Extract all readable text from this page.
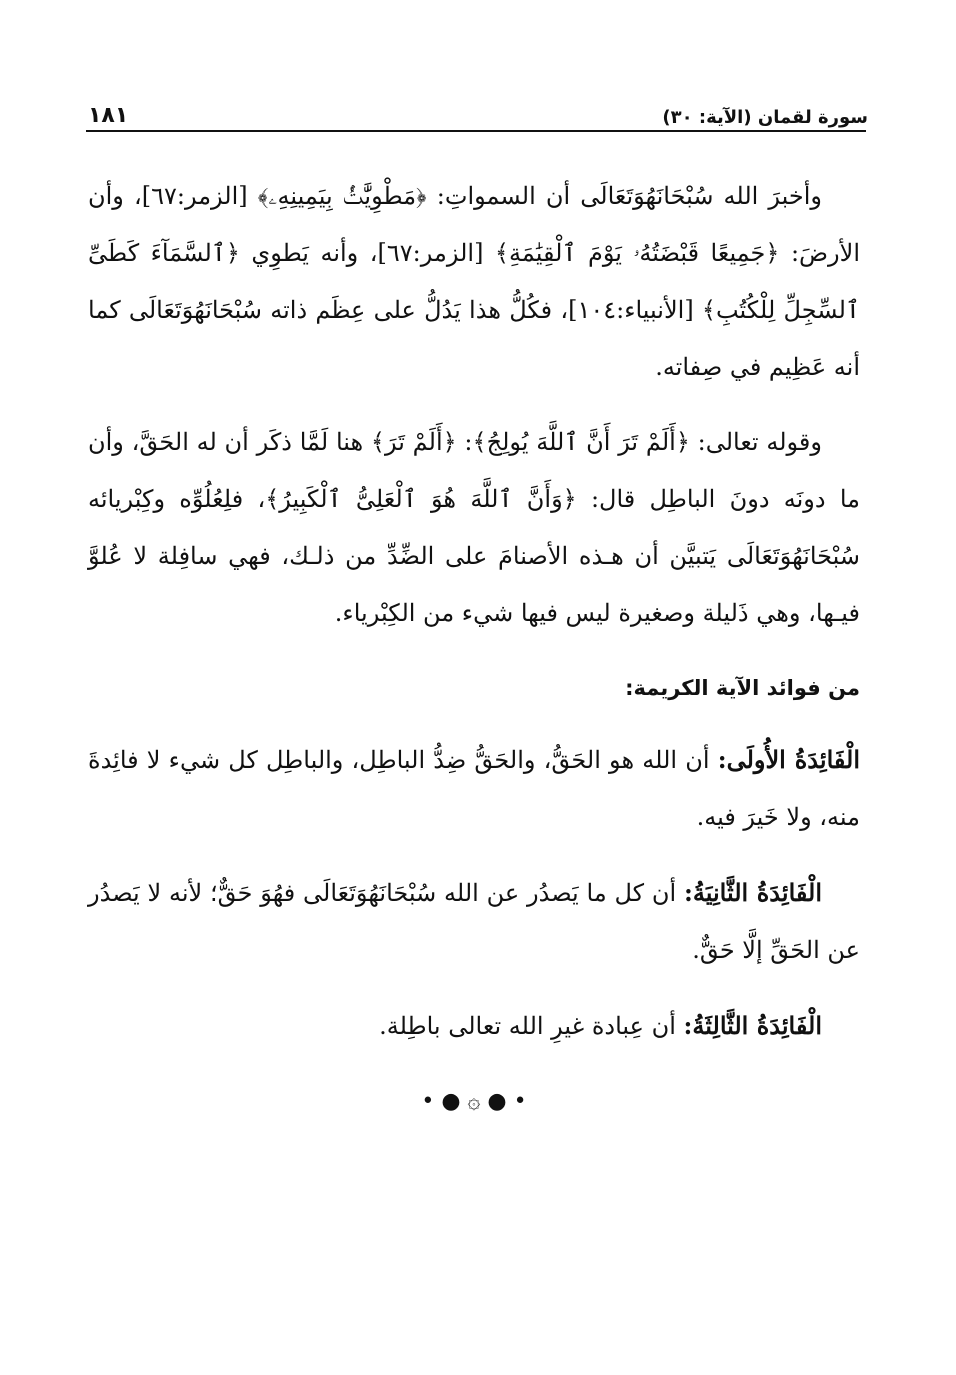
سورة لقمان (الآية: ٣٠)
١٨١

وأخبرَ الله سُبْحَانَهُوَتَعَالَى أن السمواتِ: ﴿مَطْوِيَّٰتُۢ بِيَمِينِهِۦ﴾ [الزمر:٦٧]، وأن الأرضَ: ﴿جَمِيعًا قَبْضَتُهُۥ يَوْمَ ٱلْقِيَٰمَةِ﴾ [الزمر:٦٧]، وأنه يَطوِي ﴿ٱلسَّمَآءَ كَطَىِّ ٱلسِّجِلِّ لِلْكُتُبِ﴾ [الأنبياء:١٠٤]، فكُلُّ هذا يَدُلُّ على عِظَم ذاته سُبْحَانَهُوَتَعَالَى كما أنه عَظِيم في صِفاته.

وقوله تعالى: ﴿أَلَمْ تَرَ أَنَّ ٱللَّهَ يُولِجُ﴾: ﴿أَلَمْ تَرَ﴾ هنا لَمَّا ذكَر أن له الحَقَّ، وأن ما دونَه دونَ الباطِل قال: ﴿وَأَنَّ ٱللَّهَ هُوَ ٱلْعَلِىُّ ٱلْكَبِيرُ﴾، فلِعُلُوِّه وكِبْريائه سُبْحَانَهُوَتَعَالَى يَتبيَّن أن هـذه الأصنامَ على الضِّدِّ من ذلـك، فهي سافِلة لا عُلوَّ فيـها، وهي ذَليلة وصغيرة ليس فيها شيء من الكِبْرياء.

من فوائد الآية الكريمة:

الْفَائِدَةُ الأُولَى: أن الله هو الحَقُّ، والحَقُّ ضِدُّ الباطِل، والباطِل كل شيء لا فائِدةَ منه، ولا خَيرَ فيه.

الْفَائِدَةُ الثَّانِيَةُ: أن كل ما يَصدُر عن الله سُبْحَانَهُوَتَعَالَى فهُوَ حَقٌّ؛ لأنه لا يَصدُر عن الحَقِّ إلَّا حَقٌّ.

الْفَائِدَةُ الثَّالِثَةُ: أن عِبادة غيرِ الله تعالى باطِلة.

• ● ۞ ● •
